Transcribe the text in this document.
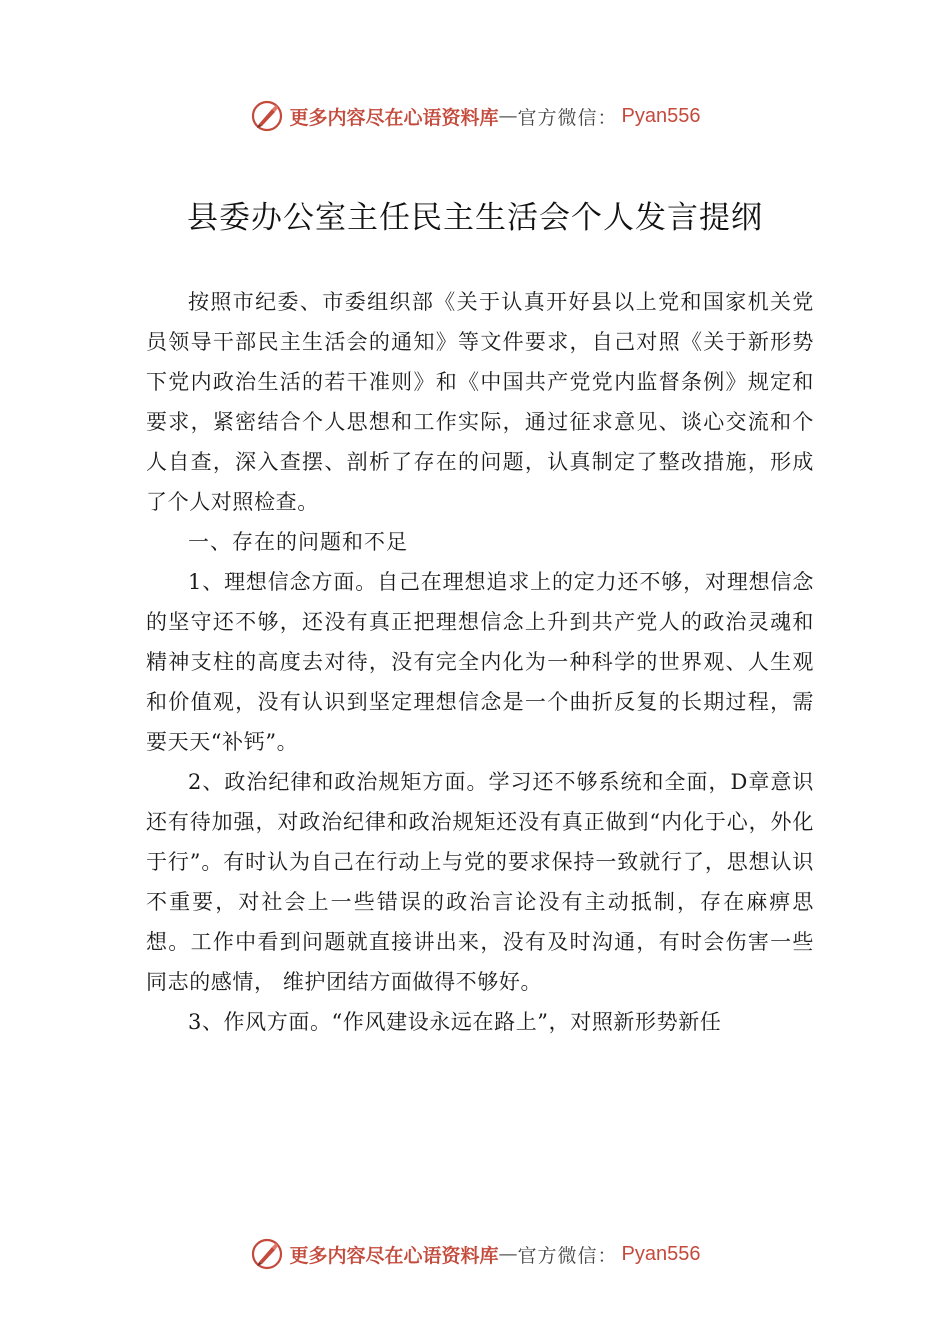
更多内容尽在心语资料库 — 官方微信： Pyan556
县委办公室主任民主生活会个人发言提纲

按照市纪委、市委组织部《关于认真开好县以上党和国家机关党员领导干部民主生活会的通知》等文件要求，自己对照《关于新形势下党内政治生活的若干准则》和《中国共产党党内监督条例》规定和要求，紧密结合个人思想和工作实际，通过征求意见、谈心交流和个人自查，深入查摆、剖析了存在的问题，认真制定了整改措施，形成了个人对照检查。

一、存在的问题和不足

1、理想信念方面。自己在理想追求上的定力还不够，对理想信念的坚守还不够，还没有真正把理想信念上升到共产党人的政治灵魂和精神支柱的高度去对待，没有完全内化为一种科学的世界观、人生观和价值观，没有认识到坚定理想信念是一个曲折反复的长期过程，需要天天“补钙”。

2、政治纪律和政治规矩方面。学习还不够系统和全面，D章意识还有待加强，对政治纪律和政治规矩还没有真正做到“内化于心，外化于行”。有时认为自己在行动上与党的要求保持一致就行了，思想认识不重要，对社会上一些错误的政治言论没有主动抵制，存在麻痹思想。工作中看到问题就直接讲出来，没有及时沟通，有时会伤害一些同志的感情， 维护团结方面做得不够好。

3、作风方面。“作风建设永远在路上”，对照新形势新任

更多内容尽在心语资料库 — 官方微信： Pyan556
